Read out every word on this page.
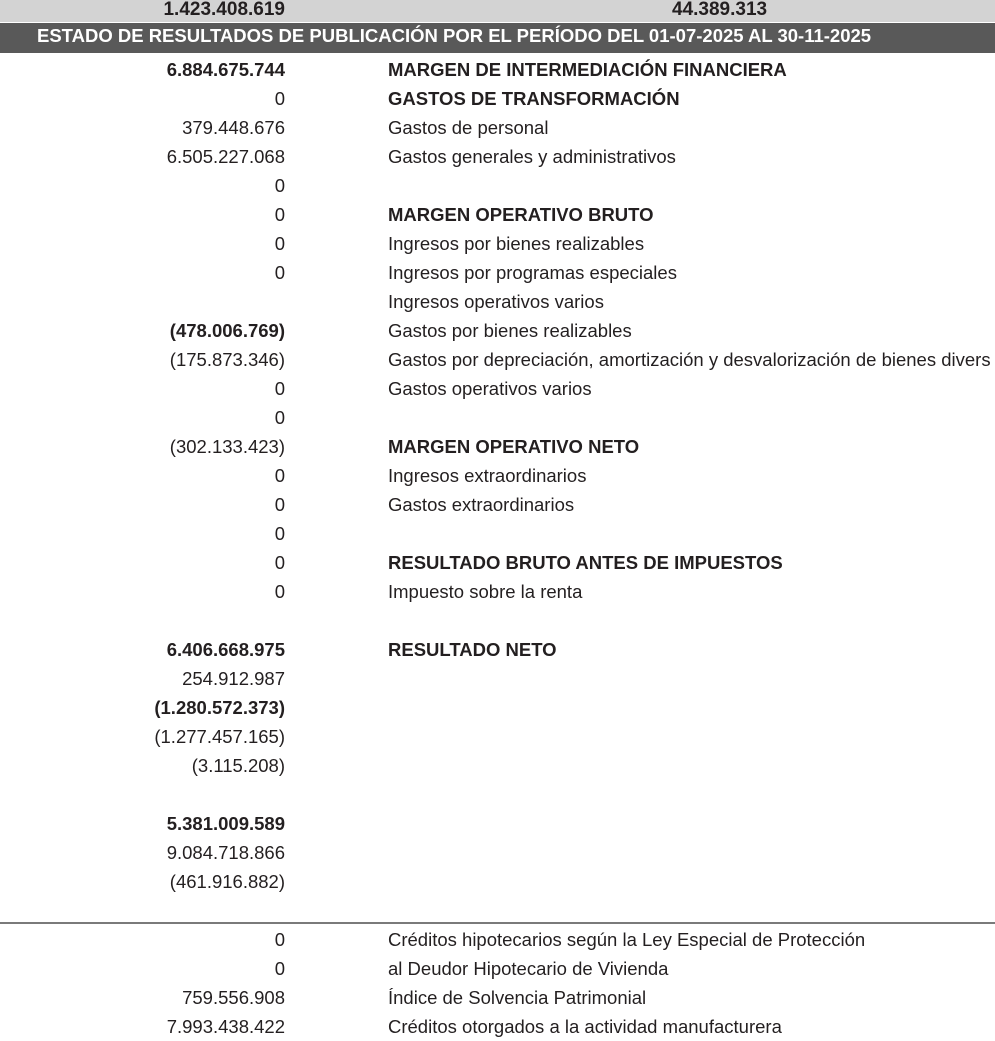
1.423.408.619	44.389.313
ESTADO DE RESULTADOS DE PUBLICACIÓN POR EL PERÍODO DEL 01-07-2025 AL 30-11-2025
6.884.675.744	MARGEN DE INTERMEDIACIÓN FINANCIERA
0	GASTOS DE TRANSFORMACIÓN
379.448.676	Gastos de personal
6.505.227.068	Gastos generales y administrativos
0
0	MARGEN OPERATIVO BRUTO
0	Ingresos por bienes realizables
0	Ingresos por programas especiales
Ingresos operativos varios
(478.006.769)	Gastos por bienes realizables
(175.873.346)	Gastos por depreciación, amortización y desvalorización de bienes divers
0	Gastos operativos varios
0
(302.133.423)	MARGEN OPERATIVO NETO
0	Ingresos extraordinarios
0	Gastos extraordinarios
0
0	RESULTADO BRUTO ANTES DE IMPUESTOS
0	Impuesto sobre la renta
6.406.668.975	RESULTADO NETO
254.912.987
(1.280.572.373)
(1.277.457.165)
(3.115.208)
5.381.009.589
9.084.718.866
(461.916.882)
0	Créditos hipotecarios según la Ley Especial de Protección
0	al Deudor Hipotecario de Vivienda
759.556.908	Índice de Solvencia Patrimonial
7.993.438.422	Créditos otorgados a la actividad manufacturera
